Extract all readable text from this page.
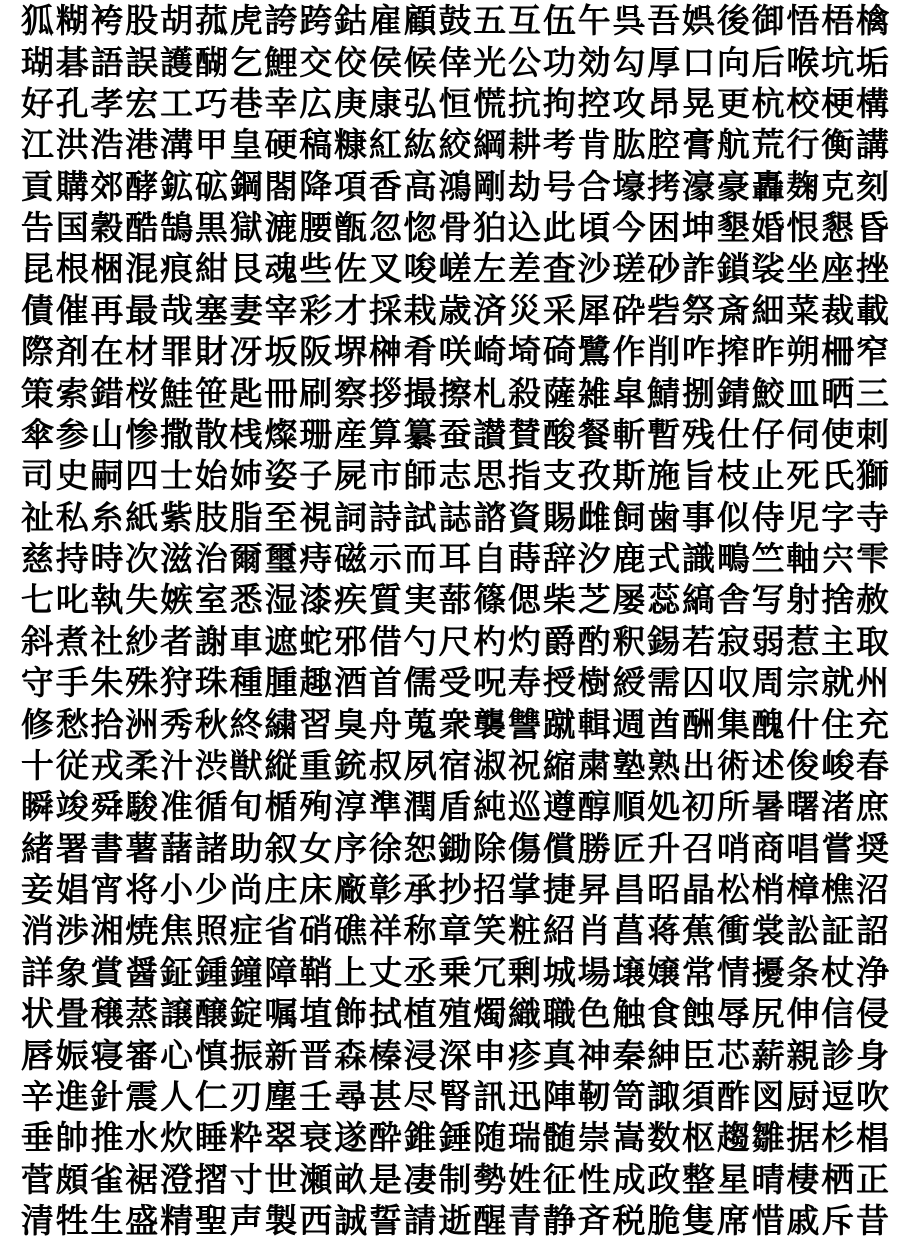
狐 糊 袴 股 胡 菰 虎 誇 跨 鈷 雇 顧 鼓 五 互 伍 午 呉 吾 娯 後 御 悟 梧 檎
瑚 碁 語 誤 護 醐 乞 鯉 交 佼 侯 候 倖 光 公 功 効 勾 厚 口 向 后 喉 坑 垢
好 孔 孝 宏 工 巧 巷 幸 広 庚 康 弘 恒 慌 抗 拘 控 攻 昂 晃 更 杭 校 梗 構
江 洪 浩 港 溝 甲 皇 硬 稿 糠 紅 紘 絞 綱 耕 考 肯 肱 腔 膏 航 荒 行 衡 講
貢 購 郊 酵 鉱 砿 鋼 閤 降 項 香 高 鴻 剛 劫 号 合 壕 拷 濠 豪 轟 麹 克 刻
告 国 穀 酷 鵠 黒 獄 漉 腰 甑 忽 惚 骨 狛 込 此 頃 今 困 坤 墾 婚 恨 懇 昏
昆 根 梱 混 痕 紺 艮 魂 些 佐 叉 唆 嵯 左 差 査 沙 瑳 砂 詐 鎖 裟 坐 座 挫
債 催 再 最 哉 塞 妻 宰 彩 才 採 栽 歳 済 災 采 犀 砕 砦 祭 斎 細 菜 裁 載
際 剤 在 材 罪 財 冴 坂 阪 堺 榊 肴 咲 崎 埼 碕 鷺 作 削 咋 搾 昨 朔 柵 窄
策 索 錯 桜 鮭 笹 匙 冊 刷 察 拶 撮 擦 札 殺 薩 雑 皐 鯖 捌 錆 鮫 皿 晒 三
傘 参 山 惨 撒 散 桟 燦 珊 産 算 纂 蚕 讃 賛 酸 餐 斬 暫 残 仕 仔 伺 使 刺
司 史 嗣 四 士 始 姉 姿 子 屍 市 師 志 思 指 支 孜 斯 施 旨 枝 止 死 氏 獅
祉 私 糸 紙 紫 肢 脂 至 視 詞 詩 試 誌 諮 資 賜 雌 飼 歯 事 似 侍 児 字 寺
慈 持 時 次 滋 治 爾 璽 痔 磁 示 而 耳 自 蒔 辞 汐 鹿 式 識 鴫 竺 軸 宍 雫
七 叱 執 失 嫉 室 悉 湿 漆 疾 質 実 蔀 篠 偲 柴 芝 屡 蕊 縞 舎 写 射 捨 赦
斜 煮 社 紗 者 謝 車 遮 蛇 邪 借 勺 尺 杓 灼 爵 酌 釈 錫 若 寂 弱 惹 主 取
守 手 朱 殊 狩 珠 種 腫 趣 酒 首 儒 受 呪 寿 授 樹 綬 需 囚 収 周 宗 就 州
修 愁 拾 洲 秀 秋 終 繍 習 臭 舟 蒐 衆 襲 讐 蹴 輯 週 酋 酬 集 醜 什 住 充
十 従 戎 柔 汁 渋 獣 縦 重 銃 叔 夙 宿 淑 祝 縮 粛 塾 熟 出 術 述 俊 峻 春
瞬 竣 舜 駿 准 循 旬 楯 殉 淳 準 潤 盾 純 巡 遵 醇 順 処 初 所 暑 曙 渚 庶
緒 署 書 薯 藷 諸 助 叙 女 序 徐 恕 鋤 除 傷 償 勝 匠 升 召 哨 商 唱 嘗 奨
妾 娼 宵 将 小 少 尚 庄 床 廠 彰 承 抄 招 掌 捷 昇 昌 昭 晶 松 梢 樟 樵 沼
消 渉 湘 焼 焦 照 症 省 硝 礁 祥 称 章 笑 粧 紹 肖 菖 蒋 蕉 衝 裳 訟 証 詔
詳 象 賞 醤 鉦 鍾 鐘 障 鞘 上 丈 丞 乗 冗 剰 城 場 壌 嬢 常 情 擾 条 杖 浄
状 畳 穣 蒸 譲 醸 錠 嘱 埴 飾 拭 植 殖 燭 織 職 色 触 食 蝕 辱 尻 伸 信 侵
唇 娠 寝 審 心 慎 振 新 晋 森 榛 浸 深 申 疹 真 神 秦 紳 臣 芯 薪 親 診 身
辛 進 針 震 人 仁 刃 塵 壬 尋 甚 尽 腎 訊 迅 陣 靭 笥 諏 須 酢 図 厨 逗 吹
垂 帥 推 水 炊 睡 粋 翠 衰 遂 酔 錐 錘 随 瑞 髄 崇 嵩 数 枢 趨 雛 据 杉 椙
菅 頗 雀 裾 澄 摺 寸 世 瀬 畝 是 凄 制 勢 姓 征 性 成 政 整 星 晴 棲 栖 正
清 牲 生 盛 精 聖 声 製 西 誠 誓 請 逝 醒 青 静 斉 税 脆 隻 席 惜 戚 斥 昔
